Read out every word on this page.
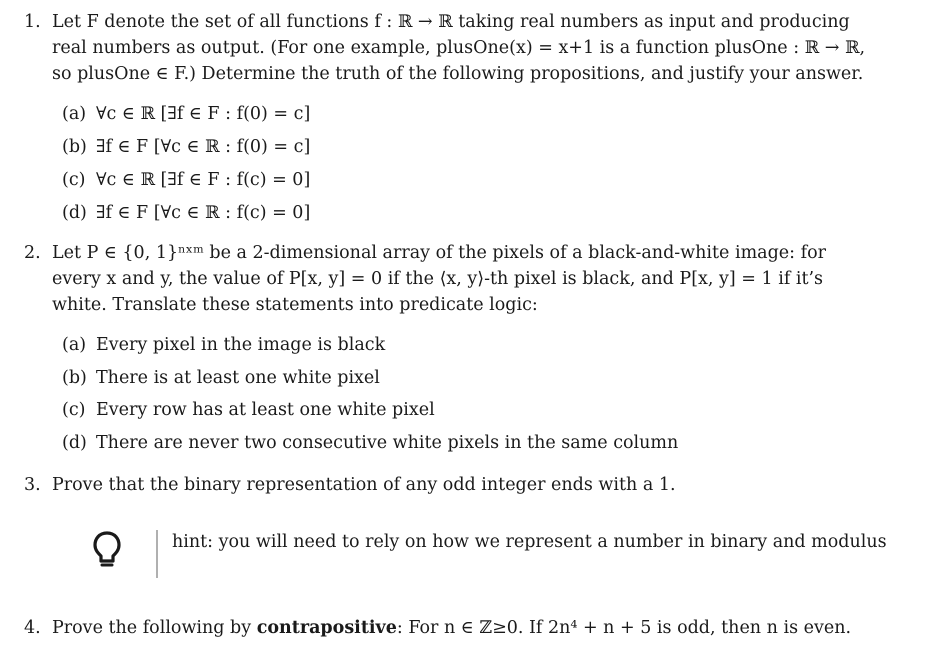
1. Let F denote the set of all functions f : ℝ → ℝ taking real numbers as input and producing
real numbers as output. (For one example, plusOne(x) = x+1 is a function plusOne : ℝ → ℝ,
so plusOne ∈ F.) Determine the truth of the following propositions, and justify your answer.
(a) ∀c ∈ ℝ [∃f ∈ F : f(0) = c]
(b) ∃f ∈ F [∀c ∈ ℝ : f(0) = c]
(c) ∀c ∈ ℝ [∃f ∈ F : f(c) = 0]
(d) ∃f ∈ F [∀c ∈ ℝ : f(c) = 0]
2. Let P ∈ {0, 1}ⁿˣᵐ be a 2-dimensional array of the pixels of a black-and-white image: for
every x and y, the value of P[x, y] = 0 if the ⟨x, y⟩-th pixel is black, and P[x, y] = 1 if it’s
white. Translate these statements into predicate logic:
(a) Every pixel in the image is black
(b) There is at least one white pixel
(c) Every row has at least one white pixel
(d) There are never two consecutive white pixels in the same column
3. Prove that the binary representation of any odd integer ends with a 1.
hint: you will need to rely on how we represent a number in binary and modulus
4. Prove the following by contrapositive: For n ∈ ℤ≥0. If 2n⁴ + n + 5 is odd, then n is even.
